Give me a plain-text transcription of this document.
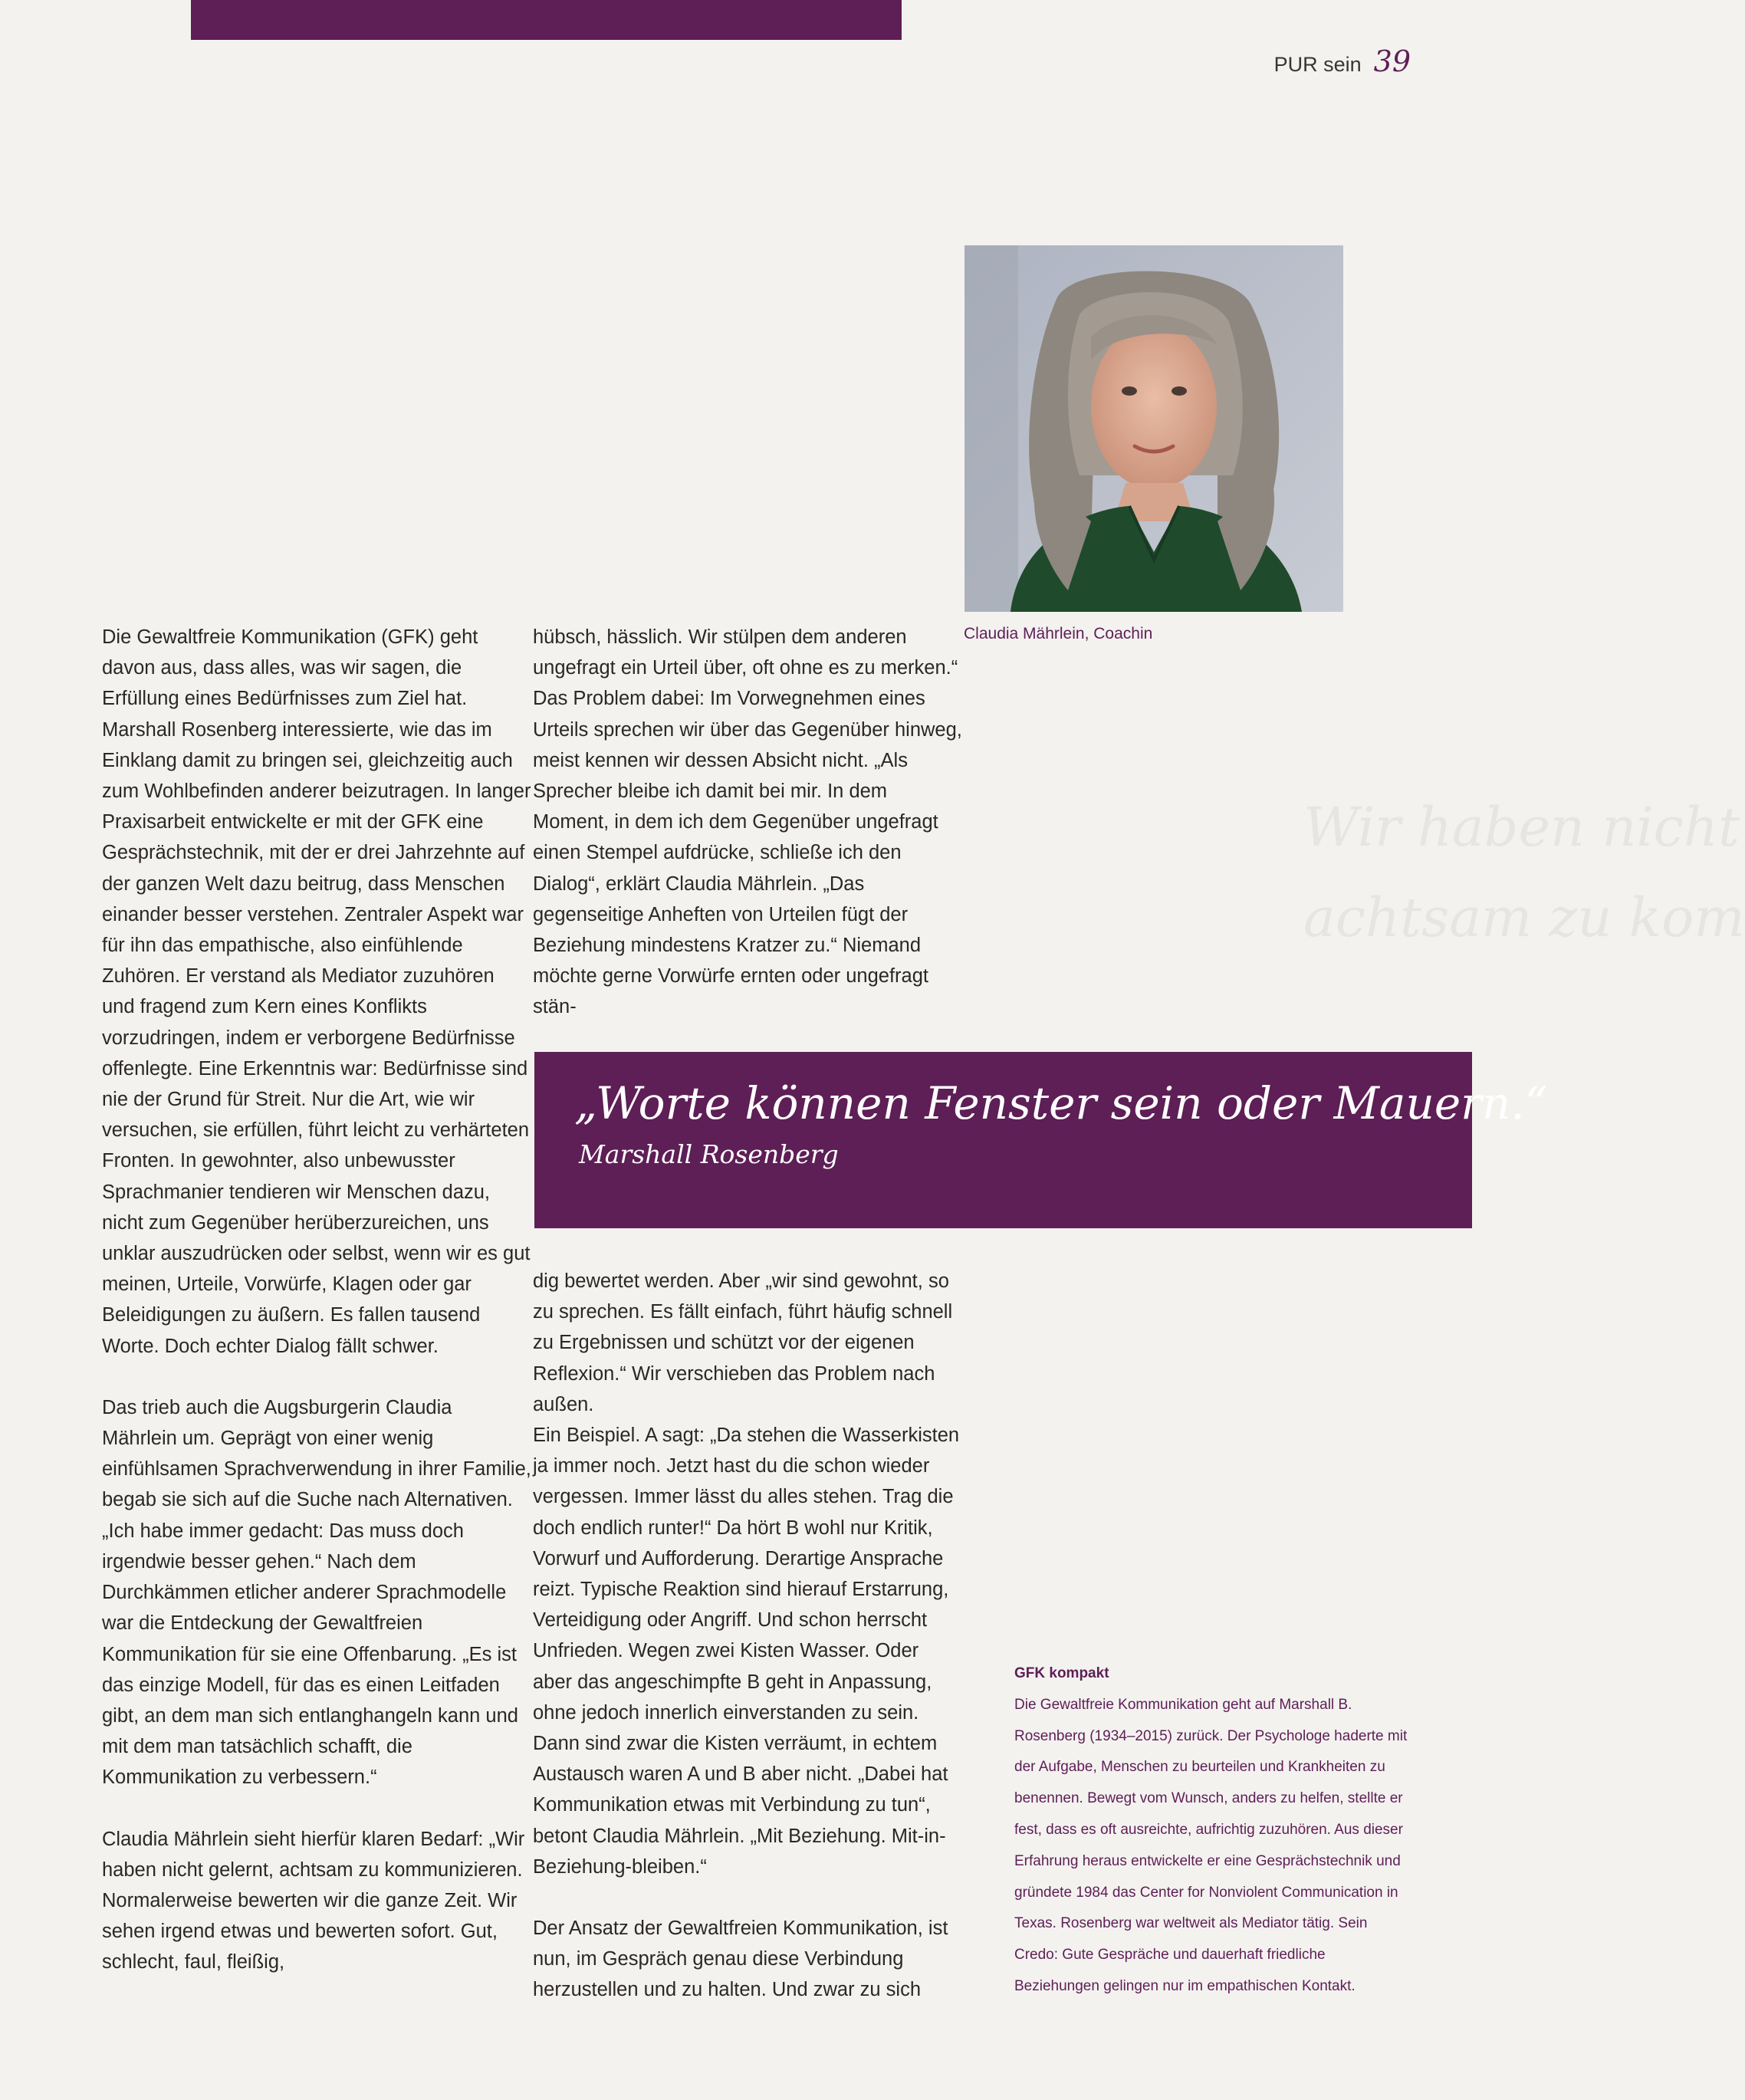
PUR sein 39
Wir haben nicht
achtsam zu kom
Claudia Mährlein, Coachin

Die Gewaltfreie Kommunikation (GFK) geht davon aus, dass alles, was wir sagen, die Erfüllung eines Bedürfnisses zum Ziel hat. Marshall Rosenberg interessierte, wie das im Einklang damit zu bringen sei, gleichzeitig auch zum Wohlbefinden anderer beizutragen. In langer Praxisarbeit entwickelte er mit der GFK eine Gesprächstechnik, mit der er drei Jahrzehnte auf der ganzen Welt dazu beitrug, dass Menschen einander besser verstehen. Zentraler Aspekt war für ihn das empathische, also einfühlende Zuhören. Er verstand als Mediator zuzuhören und fragend zum Kern eines Konflikts vorzudringen, indem er verborgene Bedürfnisse offenlegte. Eine Erkenntnis war: Bedürfnisse sind nie der Grund für Streit. Nur die Art, wie wir versuchen, sie erfüllen, führt leicht zu verhärteten Fronten. In gewohnter, also unbewusster Sprachmanier tendieren wir Menschen dazu, nicht zum Gegenüber herüberzureichen, uns unklar auszudrücken oder selbst, wenn wir es gut meinen, Urteile, Vorwürfe, Klagen oder gar Beleidigungen zu äußern. Es fallen tausend Worte. Doch echter Dialog fällt schwer.

Das trieb auch die Augsburgerin Claudia Mährlein um. Geprägt von einer wenig einfühlsamen Sprachverwendung in ihrer Familie, begab sie sich auf die Suche nach Alternativen. „Ich habe immer gedacht: Das muss doch irgendwie besser gehen.“ Nach dem Durchkämmen etlicher anderer Sprachmodelle war die Entdeckung der Gewaltfreien Kommunikation für sie eine Offenbarung. „Es ist das einzige Modell, für das es einen Leitfaden gibt, an dem man sich entlanghangeln kann und mit dem man tatsächlich schafft, die Kommunikation zu verbessern.“

Claudia Mährlein sieht hierfür klaren Bedarf: „Wir haben nicht gelernt, achtsam zu kommunizieren. Normalerweise bewerten wir die ganze Zeit. Wir sehen irgend etwas und bewerten sofort. Gut, schlecht, faul, fleißig,

hübsch, hässlich. Wir stülpen dem anderen ungefragt ein Urteil über, oft ohne es zu merken.“ Das Problem dabei: Im Vorwegnehmen eines Urteils sprechen wir über das Gegenüber hinweg, meist kennen wir dessen Absicht nicht. „Als Sprecher bleibe ich damit bei mir. In dem Moment, in dem ich dem Gegenüber ungefragt einen Stempel aufdrücke, schließe ich den Dialog“, erklärt Claudia Mährlein. „Das gegenseitige Anheften von Urteilen fügt der Beziehung mindestens Kratzer zu.“ Niemand möchte gerne Vorwürfe ernten oder ungefragt stän-

„Worte können Fenster sein oder Mauern.“

Marshall Rosenberg

dig bewertet werden. Aber „wir sind gewohnt, so zu sprechen. Es fällt einfach, führt häufig schnell zu Ergebnissen und schützt vor der eigenen Reflexion.“ Wir verschieben das Problem nach außen.

Ein Beispiel. A sagt: „Da stehen die Wasserkisten ja immer noch. Jetzt hast du die schon wieder vergessen. Immer lässt du alles stehen. Trag die doch endlich runter!“ Da hört B wohl nur Kritik, Vorwurf und Aufforderung. Derartige Ansprache reizt. Typische Reaktion sind hierauf Erstarrung, Verteidigung oder Angriff. Und schon herrscht Unfrieden. Wegen zwei Kisten Wasser. Oder aber das angeschimpfte B geht in Anpassung, ohne jedoch innerlich einverstanden zu sein. Dann sind zwar die Kisten verräumt, in echtem Austausch waren A und B aber nicht. „Dabei hat Kommunikation etwas mit Verbindung zu tun“, betont Claudia Mährlein. „Mit Beziehung. Mit-in-Beziehung-bleiben.“

Der Ansatz der Gewaltfreien Kommunikation, ist nun, im Gespräch genau diese Verbindung herzustellen und zu halten. Und zwar zu sich

GFK kompakt

Die Gewaltfreie Kommunikation geht auf Marshall B. Rosenberg (1934–2015) zurück. Der Psychologe haderte mit der Aufgabe, Menschen zu beurteilen und Krankheiten zu benennen. Bewegt vom Wunsch, anders zu helfen, stellte er fest, dass es oft ausreichte, aufrichtig zuzuhören. Aus dieser Erfahrung heraus entwickelte er eine Gesprächstechnik und gründete 1984 das Center for Nonviolent Communication in Texas. Rosenberg war weltweit als Mediator tätig. Sein Credo: Gute Gespräche und dauerhaft friedliche Beziehungen gelingen nur im empathischen Kontakt.
